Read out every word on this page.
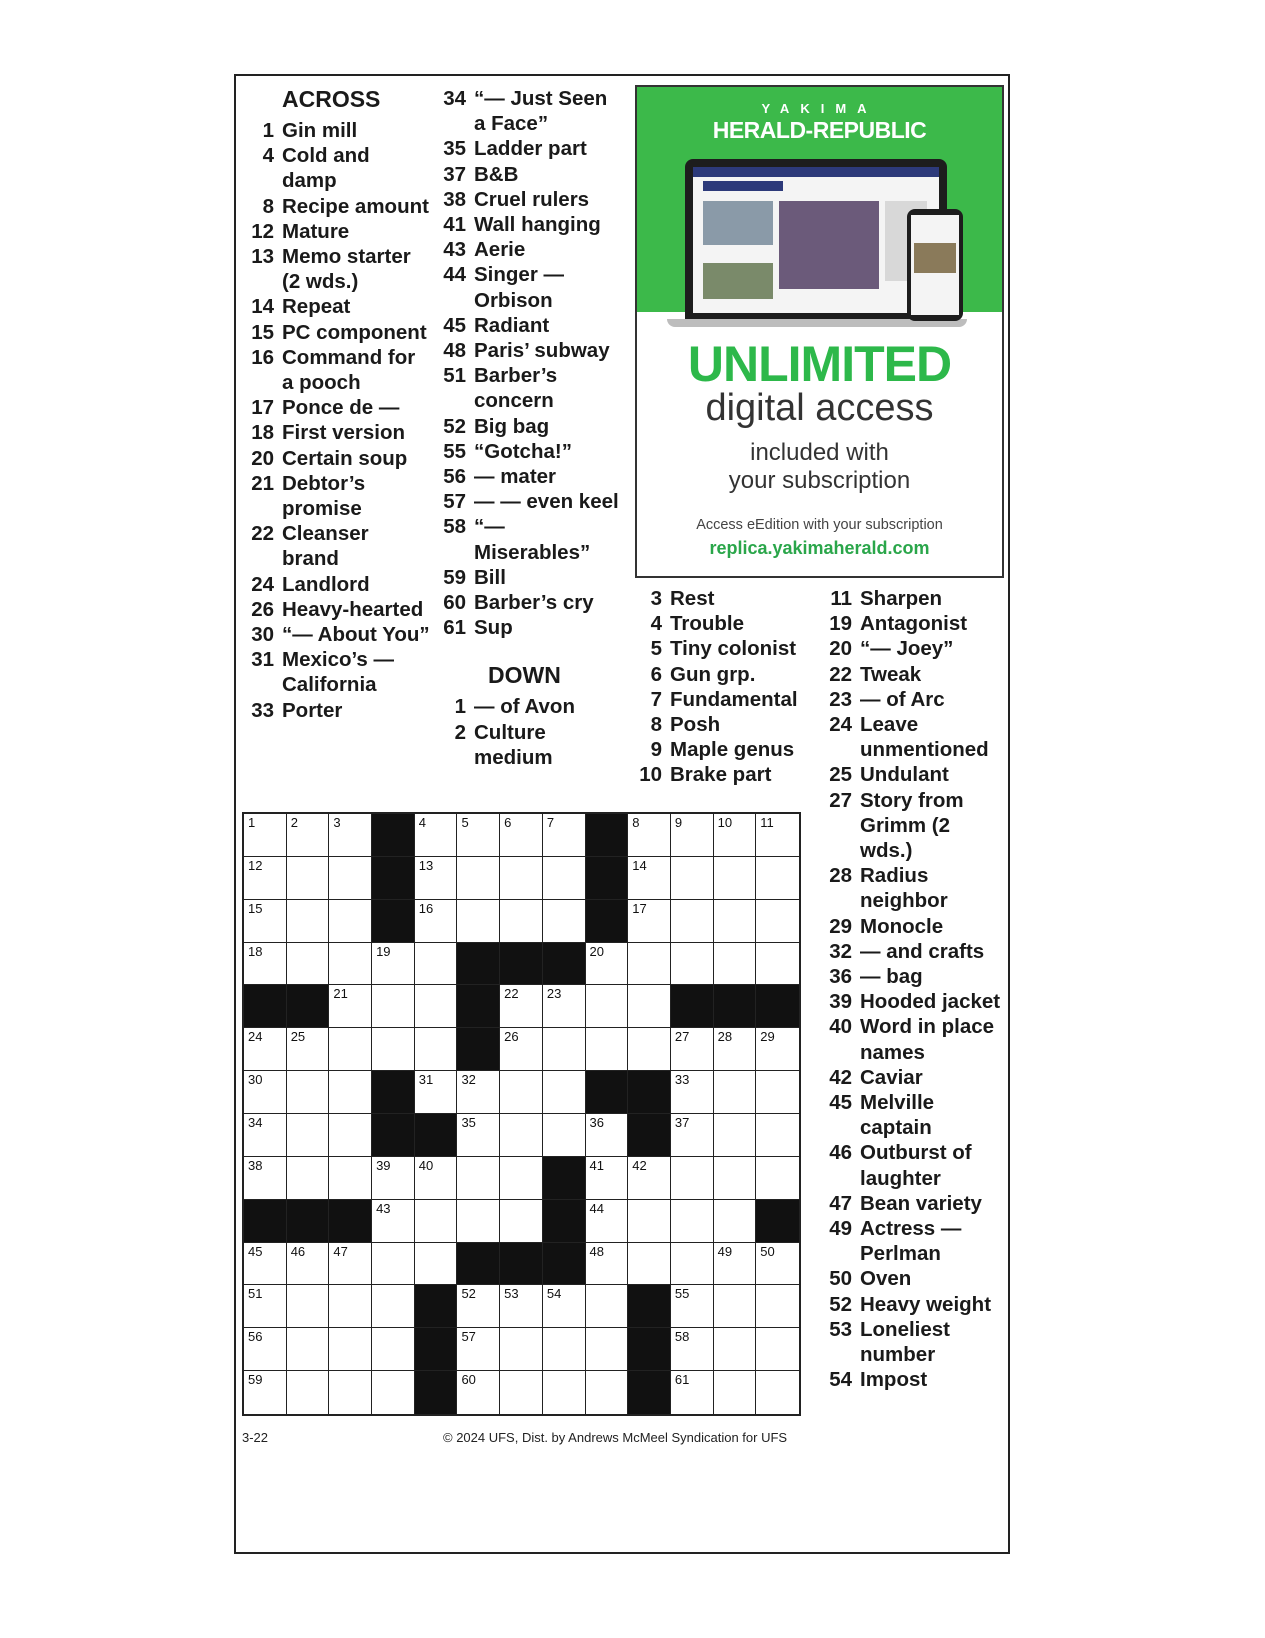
ACROSS
1 Gin mill
4 Cold and damp
8 Recipe amount
12 Mature
13 Memo starter (2 wds.)
14 Repeat
15 PC component
16 Command for a pooch
17 Ponce de —
18 First version
20 Certain soup
21 Debtor’s promise
22 Cleanser brand
24 Landlord
26 Heavy-hearted
30 “— About You”
31 Mexico’s — California
33 Porter
34 “— Just Seen a Face”
35 Ladder part
37 B&B
38 Cruel rulers
41 Wall hanging
43 Aerie
44 Singer — Orbison
45 Radiant
48 Paris’ subway
51 Barber’s concern
52 Big bag
55 “Gotcha!”
56 — mater
57 — — even keel
58 “— Miserables”
59 Bill
60 Barber’s cry
61 Sup
DOWN
1 — of Avon
2 Culture medium
3 Rest
4 Trouble
5 Tiny colonist
6 Gun grp.
7 Fundamental
8 Posh
9 Maple genus
10 Brake part
11 Sharpen
19 Antagonist
20 “— Joey”
22 Tweak
23 — of Arc
24 Leave unmentioned
25 Undulant
27 Story from Grimm (2 wds.)
28 Radius neighbor
29 Monocle
32 — and crafts
36 — bag
39 Hooded jacket
40 Word in place names
42 Caviar
45 Melville captain
46 Outburst of laughter
47 Bean variety
49 Actress — Perlman
50 Oven
52 Heavy weight
53 Loneliest number
54 Impost
YAKIMA
HERALD-REPUBLIC
UNLIMITED
digital access
included with
your subscription
Access eEdition with your subscription
replica.yakimaherald.com
1	2	3	4	5	6	7	8	9	10 11
12	13	14
15	16	17
18	19	20
21	22 23
24 25	26	27 28 29
30	31 32	33
34	35	36	37
38	39 40	41 42
43	44
45 46 47	48	49 50
51	52 53 54	55
56	57	58
59	60	61
3-22	© 2024 UFS, Dist. by Andrews McMeel Syndication for UFS
